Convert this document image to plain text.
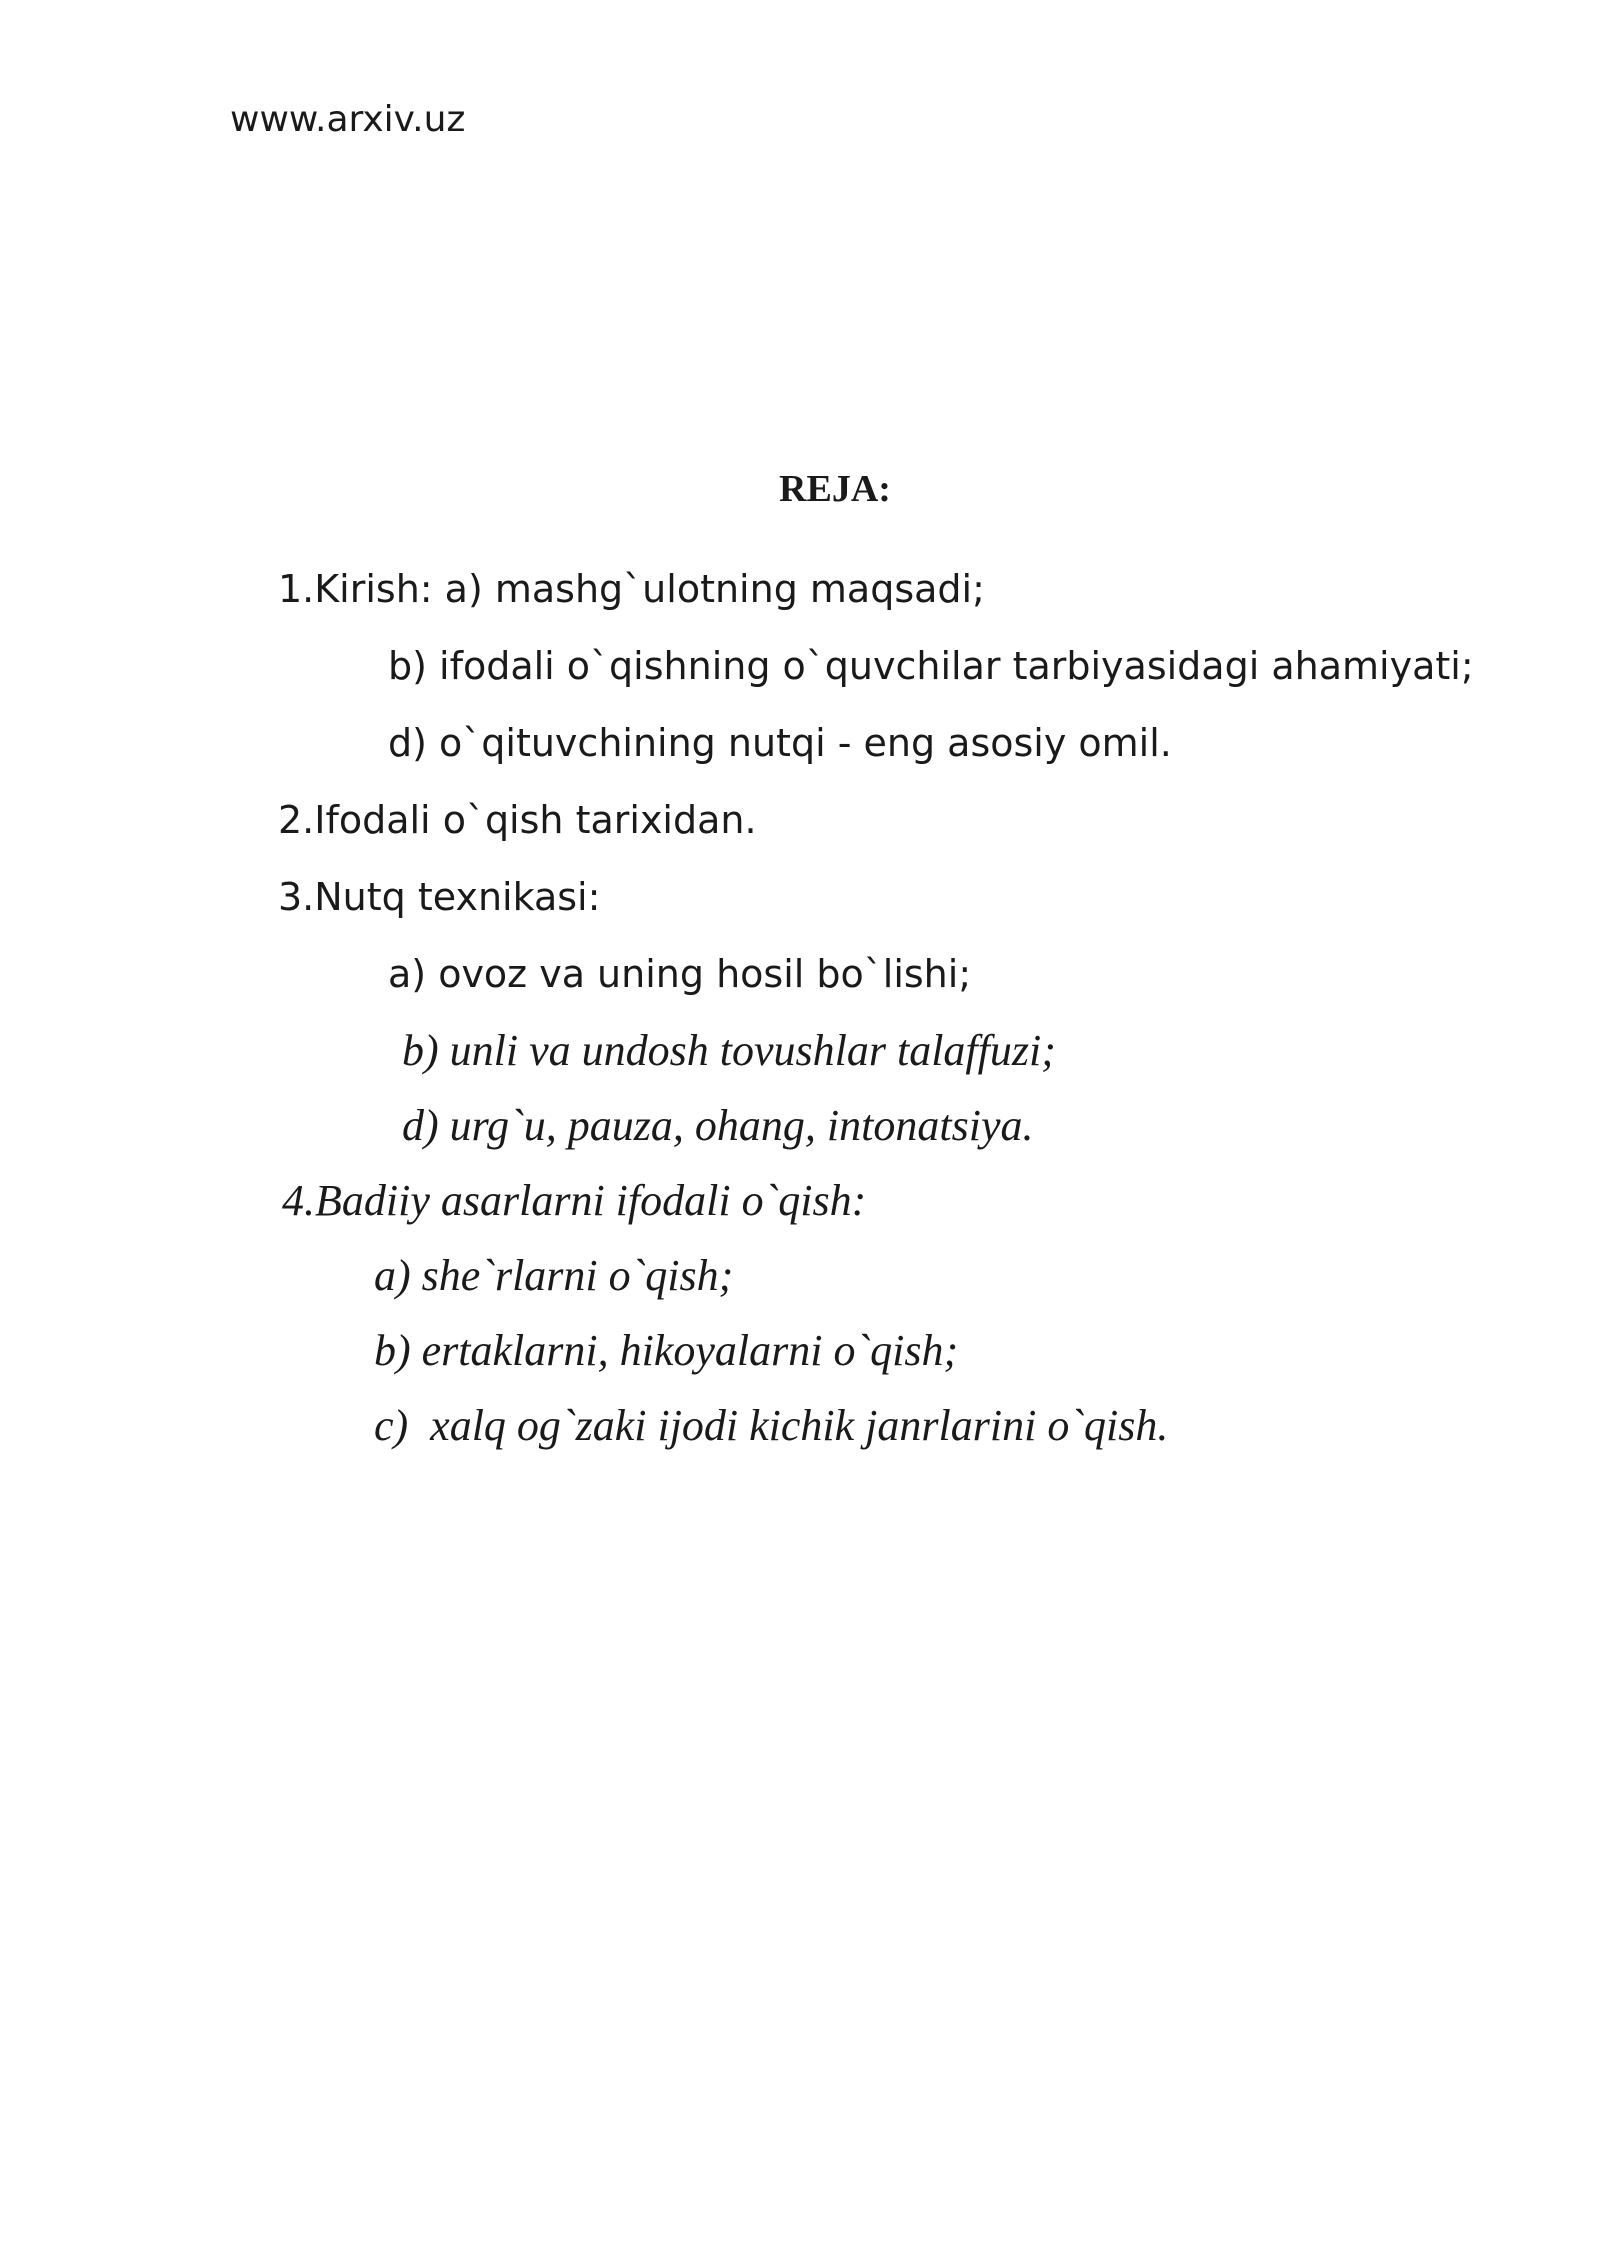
www.arxiv.uz
REJA:
1.Kirish: a) mashg`ulotning maqsadi;
b) ifodali o`qishning o`quvchilar tarbiyasidagi ahamiyati;
d) o`qituvchining nutqi - eng asosiy omil.
2.Ifodali o`qish tarixidan.
3.Nutq texnikasi:
a) ovoz va uning hosil bo`lishi;
b) unli va undosh tovushlar talaffuzi;
d) urg`u, pauza, ohang, intonatsiya.
4.Badiiy asarlarni ifodali o`qish:
a) she`rlarni o`qish;
b) ertaklarni, hikoyalarni o`qish;
c)  xalq og`zaki ijodi kichik janrlarini o`qish.
